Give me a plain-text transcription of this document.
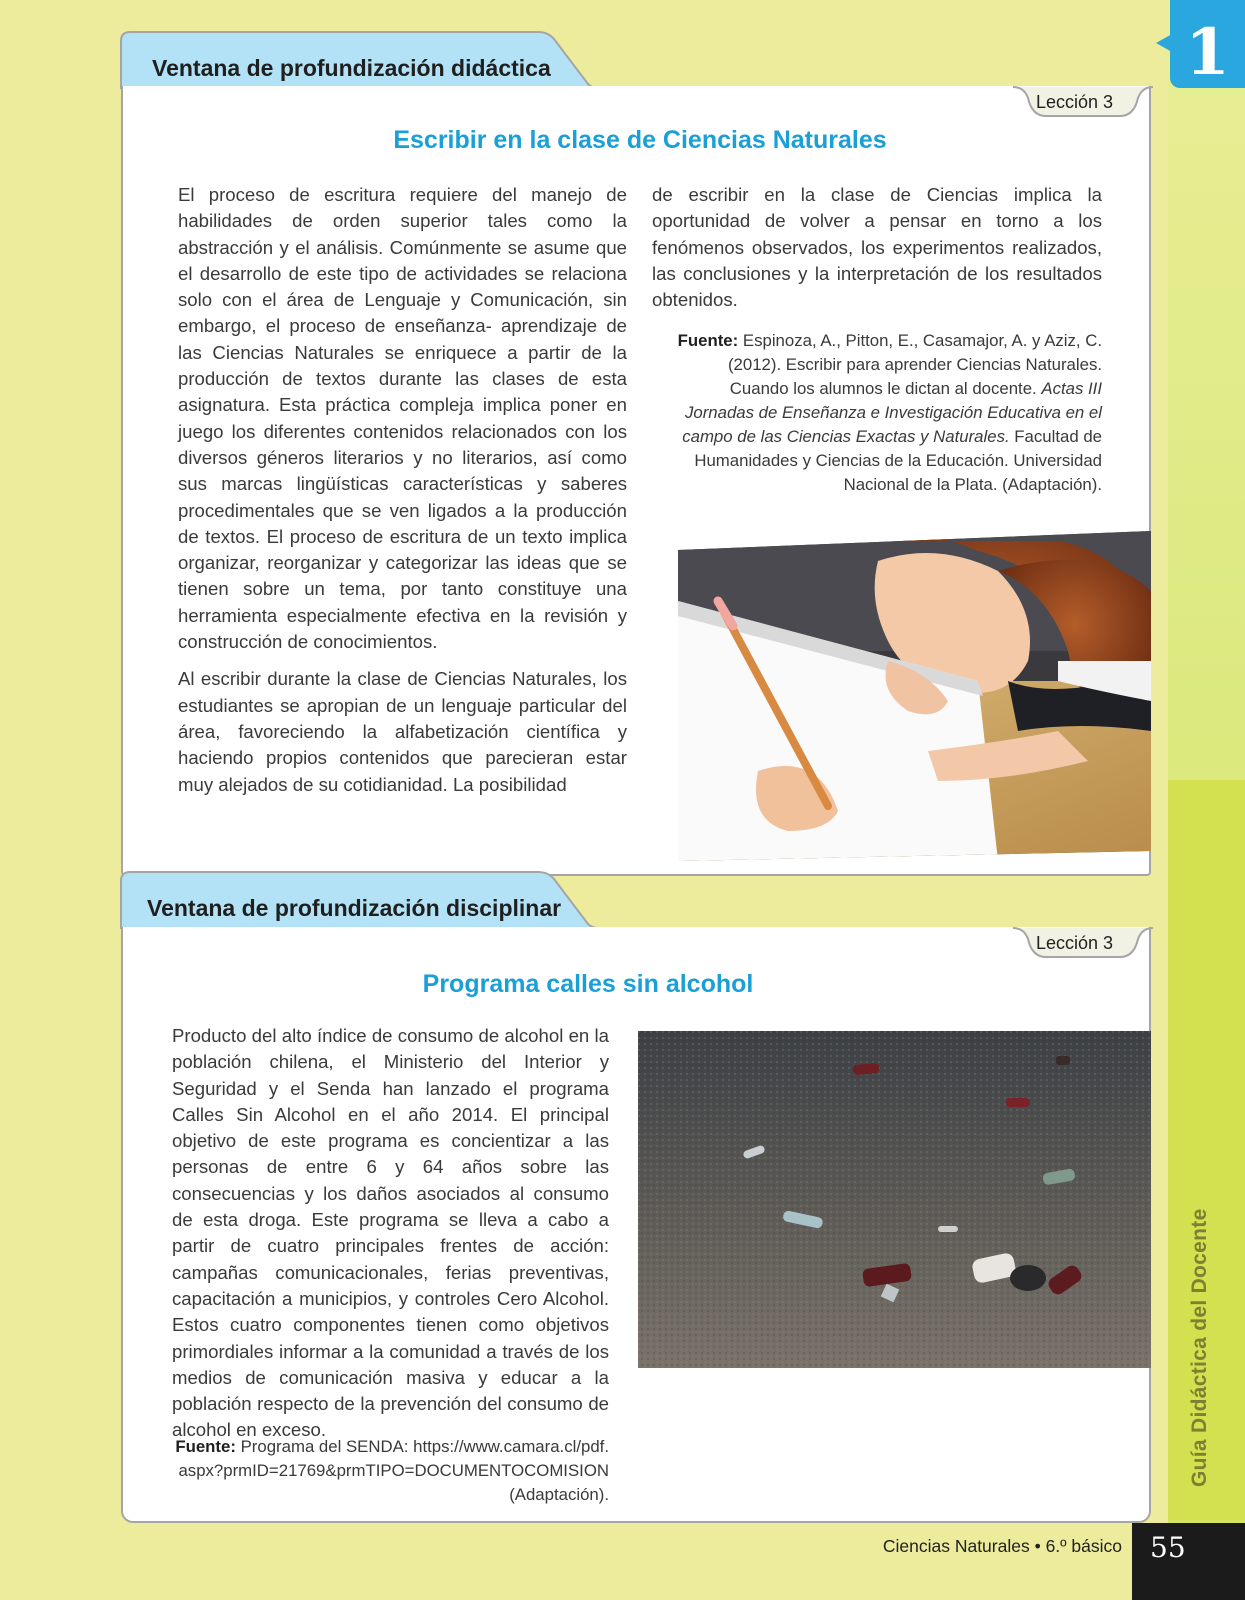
1
Guía Didáctica del Docente
Ventana de profundización didáctica
Lección 3
Escribir en la clase de Ciencias Naturales

El proceso de escritura requiere del manejo de habilidades de orden superior tales como la abstracción y el análisis. Comúnmente se asume que el desarrollo de este tipo de actividades se relaciona solo con el área de Lenguaje y Comunicación, sin embargo, el proceso de enseñanza- aprendizaje de las Ciencias Naturales se enriquece a partir de la producción de textos durante las clases de esta asignatura. Esta práctica compleja implica poner en juego los diferentes contenidos relacionados con los diversos géneros literarios y no literarios, así como sus marcas lingüísticas características y saberes procedimentales que se ven ligados a la producción de textos. El proceso de escritura de un texto implica organizar, reorganizar y categorizar las ideas que se tienen sobre un tema, por tanto constituye una herramienta especialmente efectiva en la revisión y construcción de conocimientos.

Al escribir durante la clase de Ciencias Naturales, los estudiantes se apropian de un lenguaje particular del área, favoreciendo la alfabetización científica y haciendo propios contenidos que parecieran estar muy alejados de su cotidianidad. La posibilidad

de escribir en la clase de Ciencias implica la oportunidad de volver a pensar en torno a los fenómenos observados, los experimentos realizados, las conclusiones y la interpretación de los resultados obtenidos.

Fuente: Espinoza, A., Pitton, E., Casamajor, A. y Aziz, C. (2012). Escribir para aprender Ciencias Naturales. Cuando los alumnos le dictan al docente. Actas III Jornadas de Enseñanza e Investigación Educativa en el campo de las Ciencias Exactas y Naturales. Facultad de Humanidades y Ciencias de la Educación. Universidad Nacional de la Plata. (Adaptación).
Ventana de profundización disciplinar
Lección 3
Programa calles sin alcohol

Producto del alto índice de consumo de alcohol en la población chilena, el Ministerio del Interior y Seguridad y el Senda han lanzado el programa Calles Sin Alcohol en el año 2014. El principal objetivo de este programa es concientizar a las personas de entre 6 y 64 años sobre las consecuencias y los daños asociados al consumo de esta droga. Este programa se lleva a cabo a partir de cuatro principales frentes de acción: campañas comunicacionales, ferias preventivas, capacitación a municipios, y controles Cero Alcohol. Estos cuatro componentes tienen como objetivos primordiales informar a la comunidad a través de los medios de comunicación masiva y educar a la población respecto de la prevención del consumo de alcohol en exceso.

Fuente: Programa del SENDA: https://www.camara.cl/pdf.aspx?prmID=21769&prmTIPO=DOCUMENTOCOMISION (Adaptación).
Ciencias Naturales • 6.º básico	55
